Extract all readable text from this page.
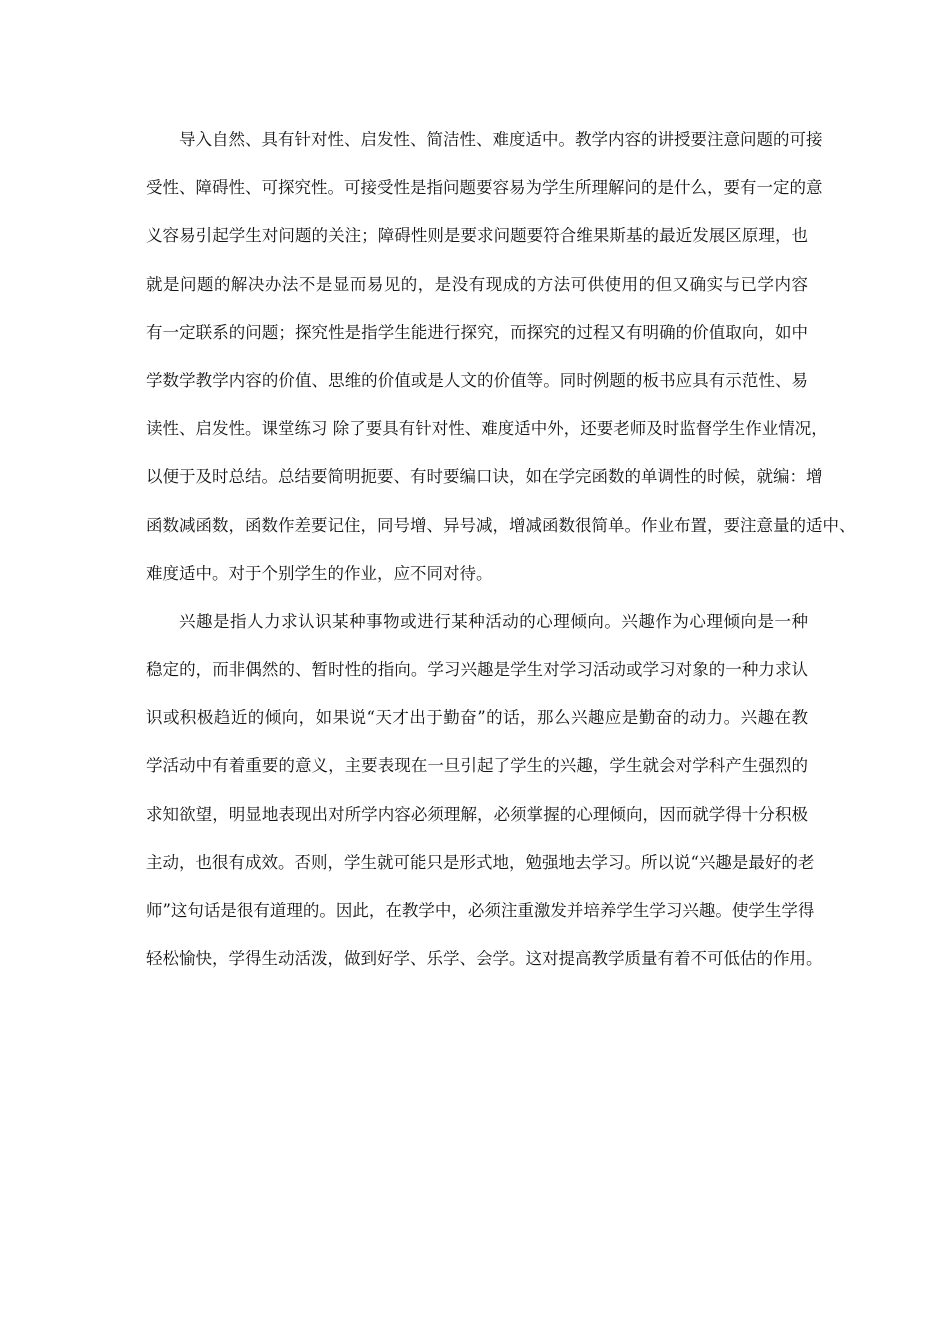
导入自然、具有针对性、启发性、简洁性、难度适中。教学内容的讲授要注意问题的可接
受性、障碍性、可探究性。可接受性是指问题要容易为学生所理解问的是什么，要有一定的意
义容易引起学生对问题的关注；障碍性则是要求问题要符合维果斯基的最近发展区原理，也
就是问题的解决办法不是显而易见的，是没有现成的方法可供使用的但又确实与已学内容
有一定联系的问题；探究性是指学生能进行探究，而探究的过程又有明确的价值取向，如中
学数学教学内容的价值、思维的价值或是人文的价值等。同时例题的板书应具有示范性、易
读性、启发性。课堂练习 除了要具有针对性、难度适中外，还要老师及时监督学生作业情况，
以便于及时总结。总结要简明扼要、有时要编口诀，如在学完函数的单调性的时候，就编：增
函数减函数，函数作差要记住，同号增、异号减，增减函数很简单。作业布置，要注意量的适中、
难度适中。对于个别学生的作业，应不同对待。
兴趣是指人力求认识某种事物或进行某种活动的心理倾向。兴趣作为心理倾向是一种
稳定的，而非偶然的、暂时性的指向。学习兴趣是学生对学习活动或学习对象的一种力求认
识或积极趋近的倾向，如果说“天才出于勤奋”的话，那么兴趣应是勤奋的动力。兴趣在教
学活动中有着重要的意义，主要表现在一旦引起了学生的兴趣，学生就会对学科产生强烈的
求知欲望，明显地表现出对所学内容必须理解，必须掌握的心理倾向，因而就学得十分积极
主动，也很有成效。否则，学生就可能只是形式地，勉强地去学习。所以说“兴趣是最好的老
师”这句话是很有道理的。因此，在教学中，必须注重激发并培养学生学习兴趣。使学生学得
轻松愉快，学得生动活泼，做到好学、乐学、会学。这对提高教学质量有着不可低估的作用。
